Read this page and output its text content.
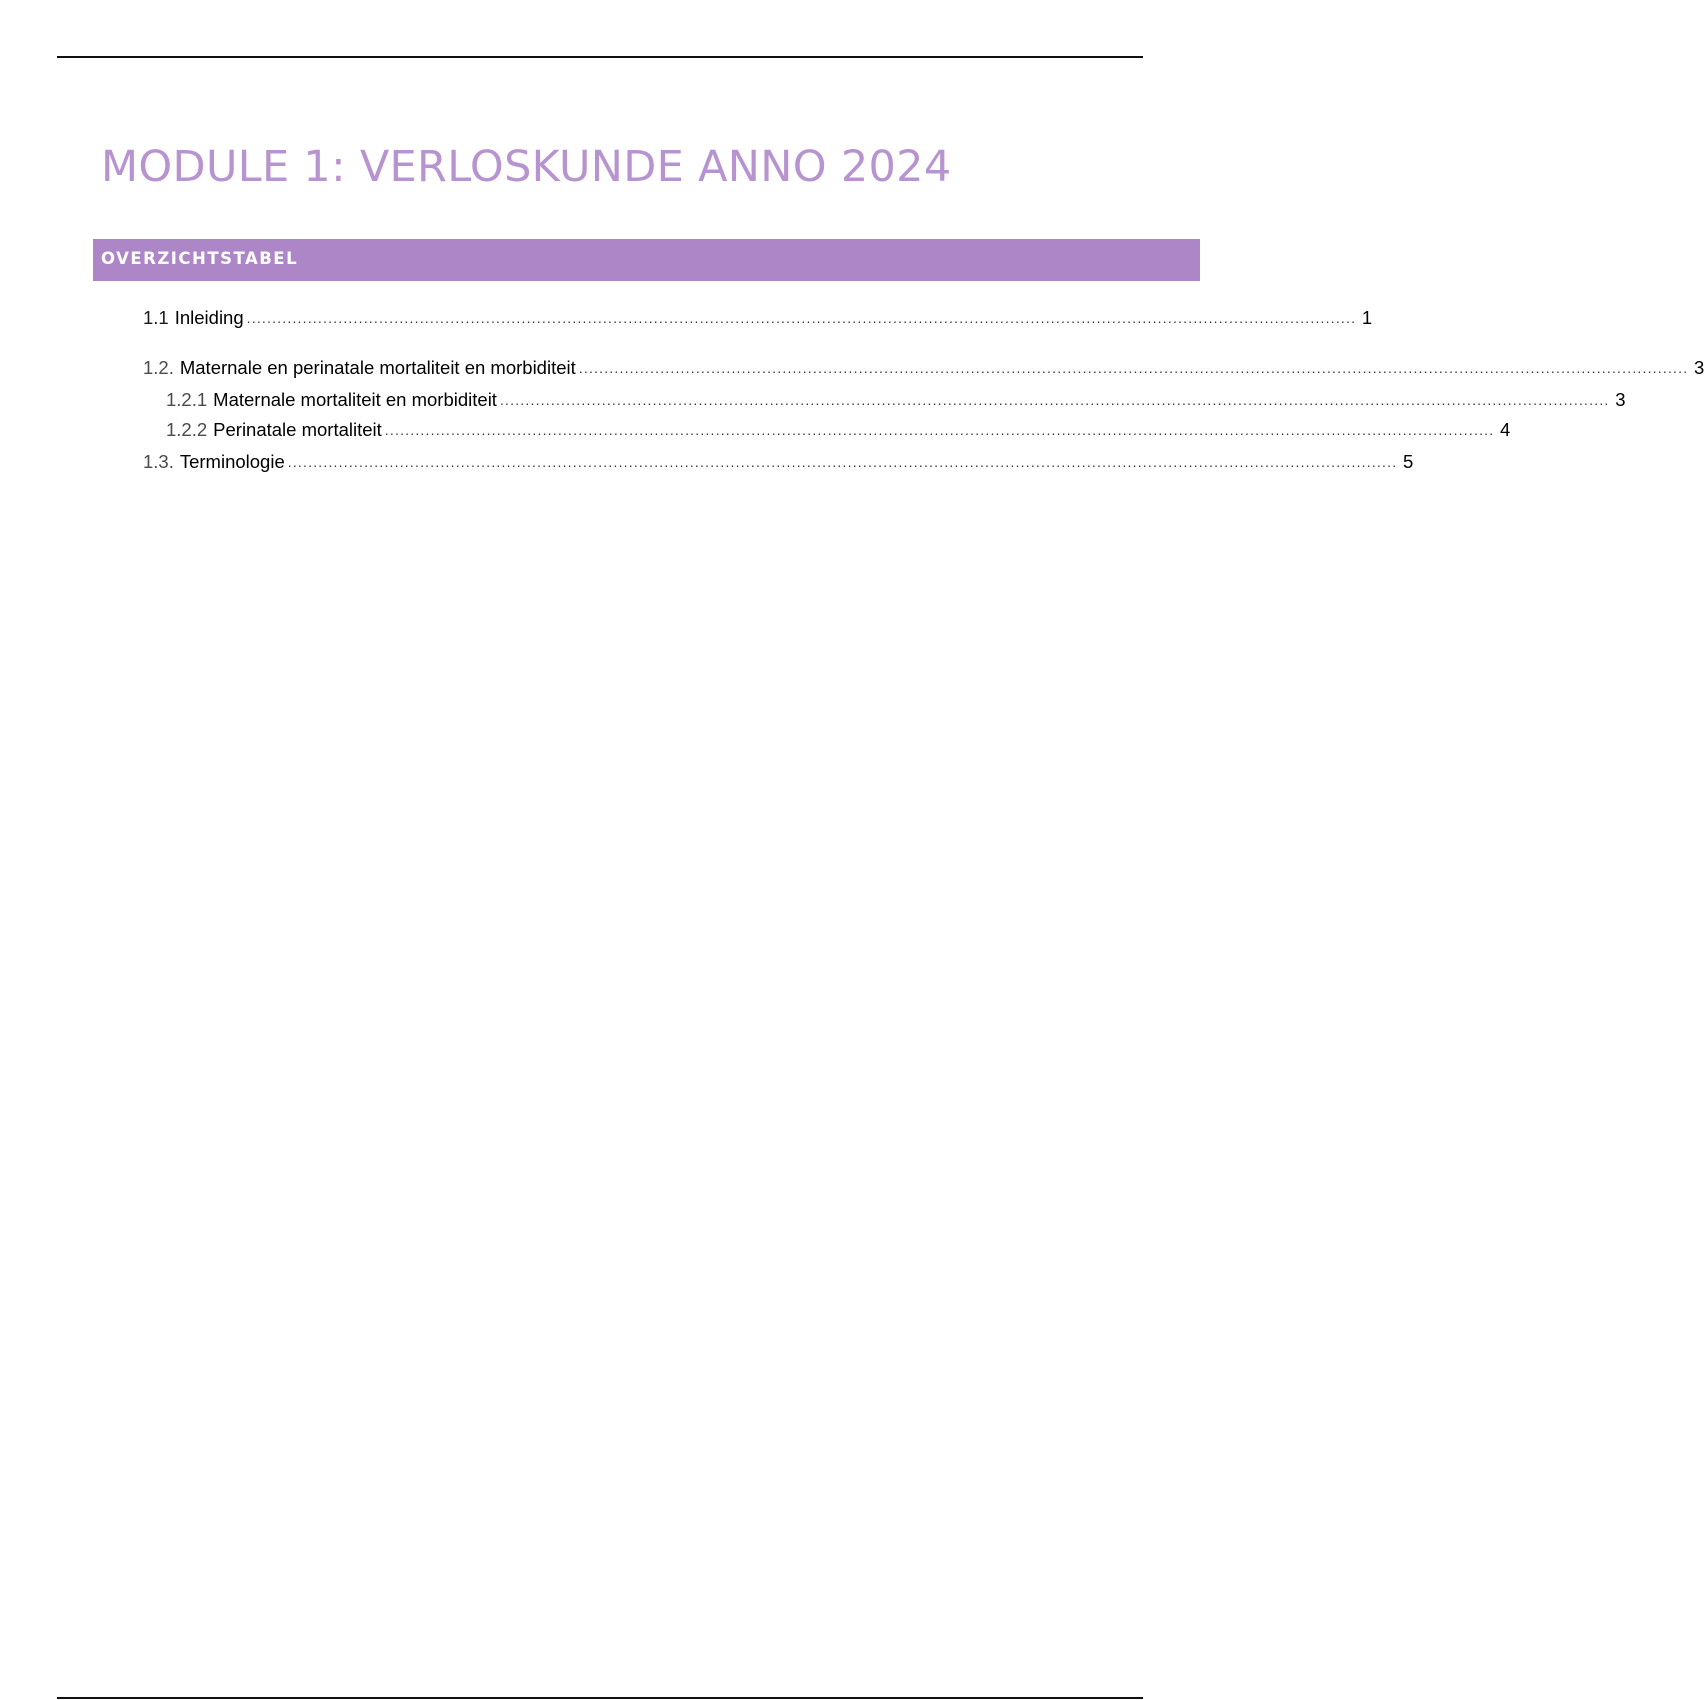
MODULE 1: VERLOSKUNDE ANNO 2024
OVERZICHTSTABEL
1.1 Inleiding .......................................................................................................................................................................................................................... 1
1.2. Maternale en perinatale mortaliteit en morbiditeit .......................................................................................................................................................................................................................... 3
1.2.1 Maternale mortaliteit en morbiditeit .......................................................................................................................................................................................................................... 3
1.2.2 Perinatale mortaliteit .......................................................................................................................................................................................................................... 4
1.3. Terminologie .......................................................................................................................................................................................................................... 5
